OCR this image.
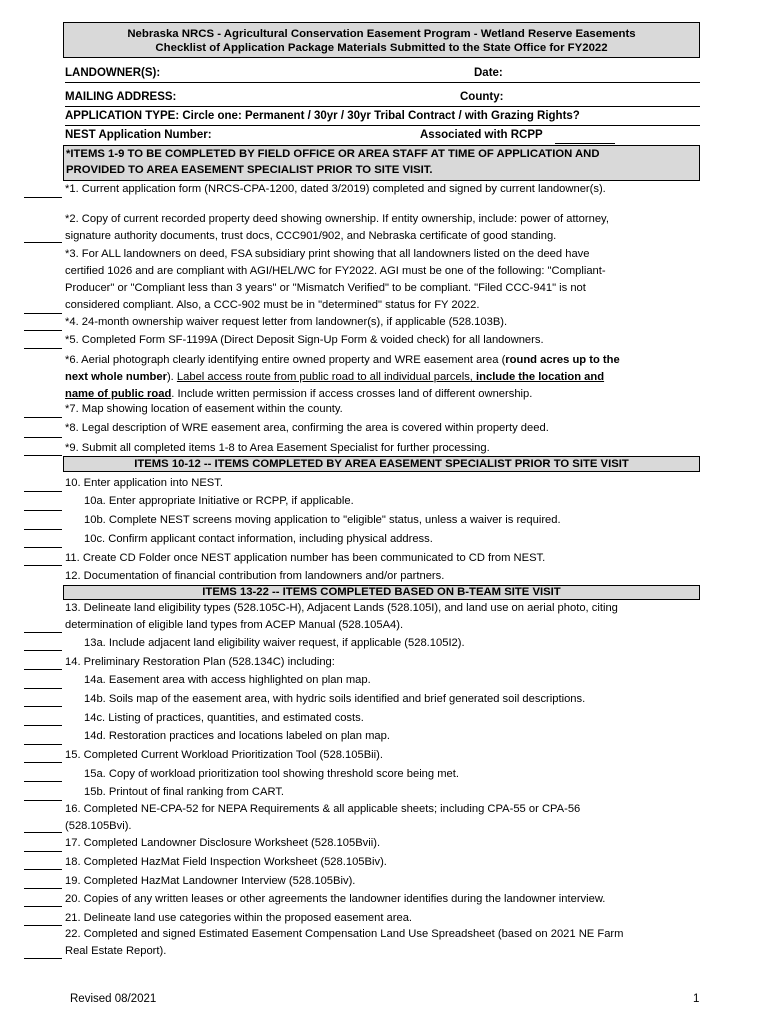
Nebraska NRCS - Agricultural Conservation Easement Program - Wetland Reserve Easements
Checklist of Application Package Materials Submitted to the State Office for FY2022
LANDOWNER(S):	Date:
MAILING ADDRESS:	County:
APPLICATION TYPE: Circle one: Permanent / 30yr / 30yr Tribal Contract / with Grazing Rights?
NEST Application Number:	Associated with RCPP
*ITEMS 1-9 TO BE COMPLETED BY FIELD OFFICE OR AREA STAFF AT TIME OF APPLICATION AND
PROVIDED TO AREA EASEMENT SPECIALIST PRIOR TO SITE VISIT.
*1. Current application form (NRCS-CPA-1200, dated 3/2019) completed and signed by current landowner(s).
*2. Copy of current recorded property deed showing ownership. If entity ownership, include: power of attorney,
signature authority documents, trust docs, CCC901/902, and Nebraska certificate of good standing.
*3. For ALL landowners on deed, FSA subsidiary print showing that all landowners listed on the deed have
certified 1026 and are compliant with AGI/HEL/WC for FY2022. AGI must be one of the following: "Compliant-
Producer" or "Compliant less than 3 years" or "Mismatch Verified" to be compliant. "Filed CCC-941" is not
considered compliant. Also, a CCC-902 must be in "determined" status for FY 2022.
*4. 24-month ownership waiver request letter from landowner(s), if applicable (528.103B).
*5. Completed Form SF-1199A (Direct Deposit Sign-Up Form & voided check) for all landowners.
*6. Aerial photograph clearly identifying entire owned property and WRE easement area (round acres up to the
next whole number). Label access route from public road to all individual parcels, include the location and
name of public road. Include written permission if access crosses land of different ownership.
*7. Map showing location of easement within the county.
*8. Legal description of WRE easement area, confirming the area is covered within property deed.
*9. Submit all completed items 1-8 to Area Easement Specialist for further processing.
ITEMS 10-12 -- ITEMS COMPLETED BY AREA EASEMENT SPECIALIST PRIOR TO SITE VISIT
10. Enter application into NEST.
10a. Enter appropriate Initiative or RCPP, if applicable.
10b. Complete NEST screens moving application to "eligible" status, unless a waiver is required.
10c. Confirm applicant contact information, including physical address.
11. Create CD Folder once NEST application number has been communicated to CD from NEST.
12. Documentation of financial contribution from landowners and/or partners.
ITEMS 13-22 -- ITEMS COMPLETED BASED ON B-TEAM SITE VISIT
13. Delineate land eligibility types (528.105C-H), Adjacent Lands (528.105I), and land use on aerial photo, citing
determination of eligible land types from ACEP Manual (528.105A4).
13a. Include adjacent land eligibility waiver request, if applicable (528.105I2).
14. Preliminary Restoration Plan (528.134C) including:
14a. Easement area with access highlighted on plan map.
14b. Soils map of the easement area, with hydric soils identified and brief generated soil descriptions.
14c. Listing of practices, quantities, and estimated costs.
14d. Restoration practices and locations labeled on plan map.
15. Completed Current Workload Prioritization Tool (528.105Bii).
15a. Copy of workload prioritization tool showing threshold score being met.
15b. Printout of final ranking from CART.
16. Completed NE-CPA-52 for NEPA Requirements & all applicable sheets; including CPA-55 or CPA-56
(528.105Bvi).
17. Completed Landowner Disclosure Worksheet (528.105Bvii).
18. Completed HazMat Field Inspection Worksheet (528.105Biv).
19. Completed HazMat Landowner Interview (528.105Biv).
20. Copies of any written leases or other agreements the landowner identifies during the landowner interview.
21. Delineate land use categories within the proposed easement area.
22. Completed and signed Estimated Easement Compensation Land Use Spreadsheet (based on 2021 NE Farm
Real Estate Report).
Revised 08/2021	1
